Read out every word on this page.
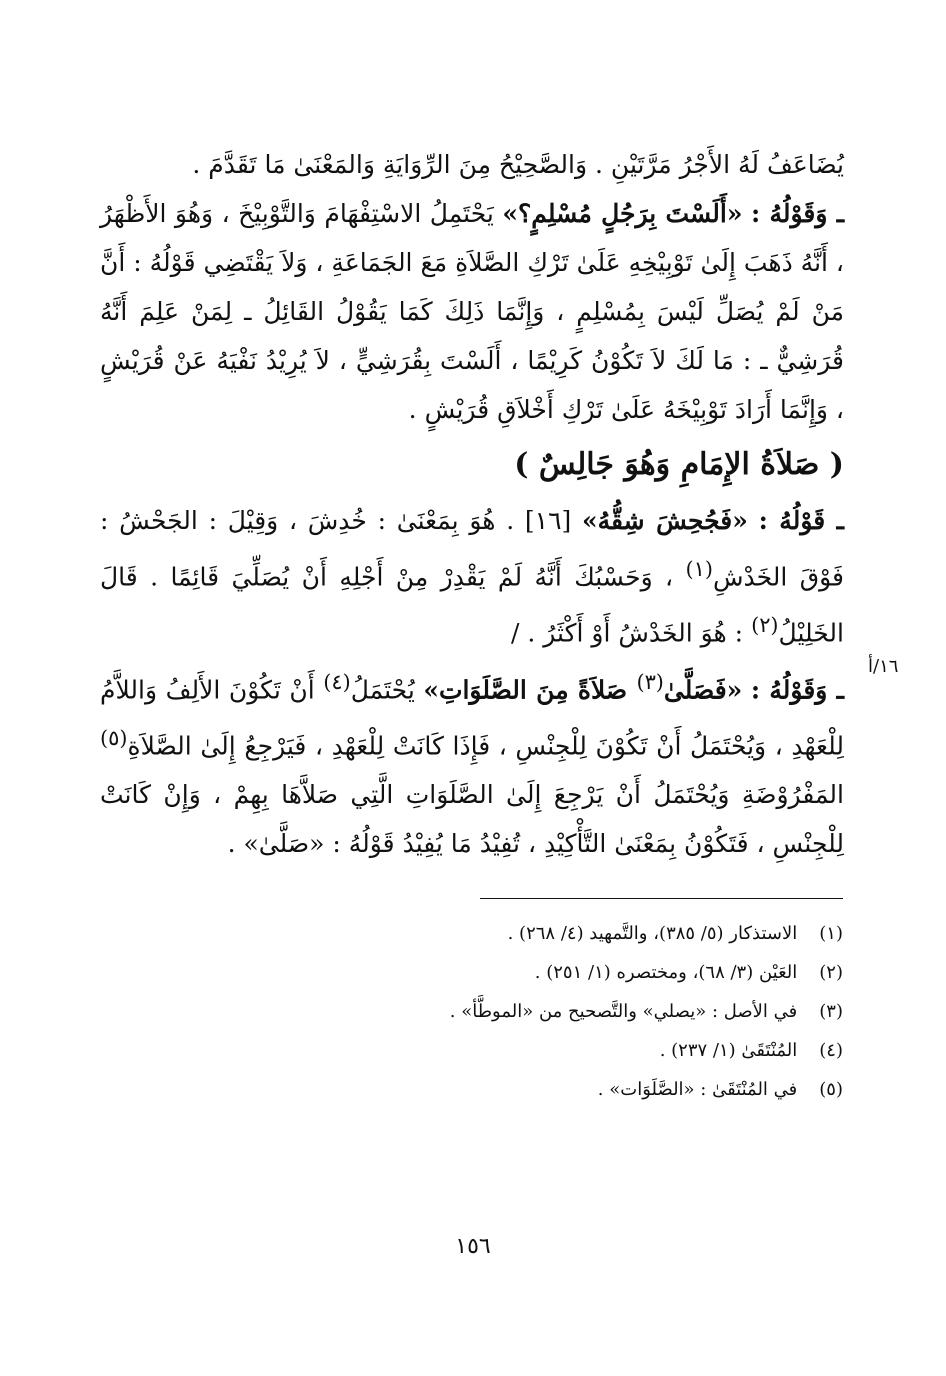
يُضَاعَفُ لَهُ الأَجْرُ مَرَّتَيْنِ . وَالصَّحِيْحُ مِنَ الرِّوَايَةِ وَالمَعْنَىٰ مَا تَقَدَّمَ .

ـ وَقَوْلُهُ : «أَلَسْتَ بِرَجُلٍ مُسْلِمٍ؟» يَحْتَمِلُ الاسْتِفْهَامَ وَالتَّوْبِيْخَ ، وَهُوَ الأَظْهَرُ ، أَنَّهُ ذَهَبَ إِلَىٰ تَوْبِيْخِهِ عَلَىٰ تَرْكِ الصَّلاَةِ مَعَ الجَمَاعَةِ ، وَلاَ يَقْتَضِي قَوْلُهُ : أَنَّ مَنْ لَمْ يُصَلِّ لَيْسَ بِمُسْلِمٍ ، وَإِنَّمَا ذَلِكَ كَمَا يَقُوْلُ القَائِلُ ـ لِمَنْ عَلِمَ أَنَّهُ قُرَشِيٌّ ـ : مَا لَكَ لاَ تَكُوْنُ كَرِيْمًا ، أَلَسْتَ بِقُرَشِيٍّ ، لاَ يُرِيْدُ نَفْيَهُ عَنْ قُرَيْشٍ ، وَإِنَّمَا أَرَادَ تَوْبِيْخَهُ عَلَىٰ تَرْكِ أَخْلاَقِ قُرَيْشٍ .

( صَلاَةُ الإِمَامِ وَهُوَ جَالِسٌ )

ـ قَوْلُهُ : «فَجُحِشَ شِقُّهُ» [١٦] . هُوَ بِمَعْنَىٰ : خُدِشَ ، وَقِيْلَ : الجَحْشُ : فَوْقَ الخَدْشِ$^{(١)}$ ، وَحَسْبُكَ أَنَّهُ لَمْ يَقْدِرْ مِنْ أَجْلِهِ أَنْ يُصَلِّيَ قَائِمًا . قَالَ الخَلِيْلُ$^{(٢)}$ : هُوَ الخَدْشُ أَوْ أَكْثَرُ . /

ـ وَقَوْلُهُ : «فَصَلَّىٰ$^{(٣)}$ صَلاَةً مِنَ الصَّلَوَاتِ» يُحْتَمَلُ$^{(٤)}$ أَنْ تَكُوْنَ الأَلِفُ وَاللاَّمُ لِلْعَهْدِ ، وَيُحْتَمَلُ أَنْ تَكُوْنَ لِلْجِنْسِ ، فَإِذَا كَانَتْ لِلْعَهْدِ ، فَيَرْجِعُ إِلَىٰ الصَّلاَةِ$^{(٥)}$ المَفْرُوْضَةِ وَيُحْتَمَلُ أَنْ يَرْجِعَ إِلَىٰ الصَّلَوَاتِ الَّتِي صَلاَّهَا بِهِمْ ، وَإِنْ كَانَتْ لِلْجِنْسِ ، فَتَكُوْنُ بِمَعْنَىٰ التَّأْكِيْدِ ، تُفِيْدُ مَا يُفِيْدُ قَوْلُهُ : «صَلَّىٰ» .

١٦/أ
(١) الاستذكار (٥/ ٣٨٥)، والتَّمهيد (٤/ ٢٦٨) .
(٢) العَيْن (٣/ ٦٨)، ومختصره (١/ ٢٥١) .
(٣) في الأصل : «يصلي» والتَّصحيح من «الموطَّأ» .
(٤) المُنْتَقَىٰ (١/ ٢٣٧) .
(٥) في المُنْتَقَىٰ : «الصَّلَوَات» .
١٥٦
